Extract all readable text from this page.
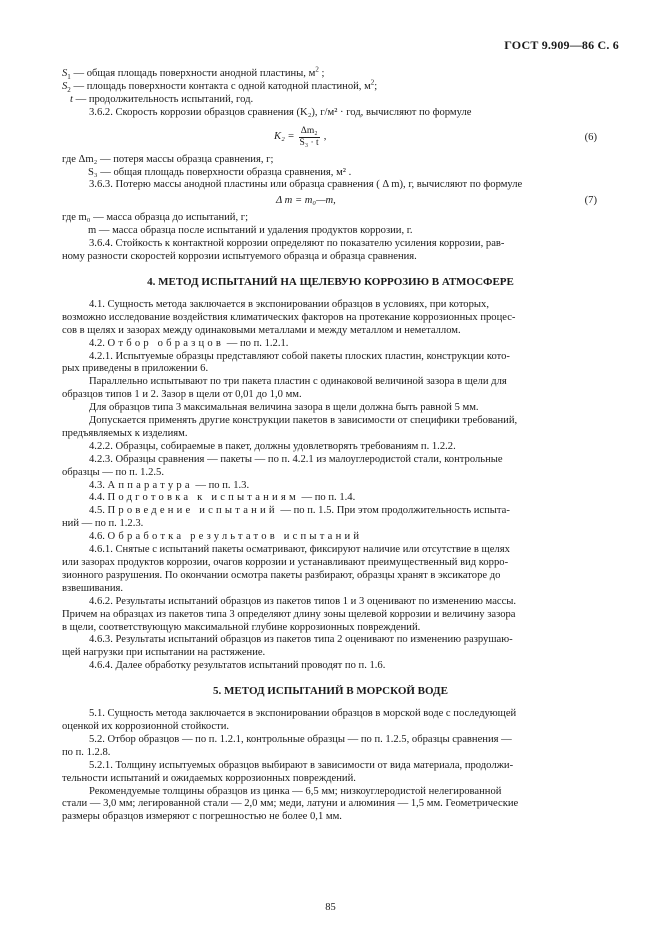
ГОСТ 9.909—86 С. 6
$S_1$ — общая площадь поверхности анодной пластины, $м^2$ ;
$S_2$ — площадь поверхности контакта с одной катодной пластиной, $м^2$;
t — продолжительность испытаний, год.
3.6.2. Скорость коррозии образцов сравнения (K₂), г/м² · год, вычисляют по формуле
$K_2 = \frac{\text{Δm₂}}{\text{S₃ · t}}$ ,	(6)
где Δm₂ — потеря массы образца сравнения, г;
S₃ — общая площадь поверхности образца сравнения, м² .
3.6.3. Потерю массы анодной пластины или образца сравнения ( Δ m), г, вычисляют по формуле
Δ m = m₀—m,	(7)
где m₀ — масса образца до испытаний, г;
m — масса образца после испытаний и удаления продуктов коррозии, г.
3.6.4. Стойкость к контактной коррозии определяют по показателю усиления коррозии, рав-
ному разности скоростей коррозии испытуемого образца и образца сравнения.
4. МЕТОД ИСПЫТАНИЙ НА ЩЕЛЕВУЮ КОРРОЗИЮ В АТМОСФЕРЕ
4.1. Сущность метода заключается в экспонировании образцов в условиях, при которых,
возможно исследование воздействия климатических факторов на протекание коррозионных процес-
сов в щелях и зазорах между одинаковыми металлами и между металлом и неметаллом.
4.2. Отбор образцов — по п. 1.2.1.
4.2.1. Испытуемые образцы представляют собой пакеты плоских пластин, конструкции кото-
рых приведены в приложении 6.
Параллельно испытывают по три пакета пластин с одинаковой величиной зазора в щели для
образцов типов 1 и 2. Зазор в щели от 0,01 до 1,0 мм.
Для образцов типа 3 максимальная величина зазора в щели должна быть равной 5 мм.
Допускается применять другие конструкции пакетов в зависимости от специфики требований,
предъявляемых к изделиям.
4.2.2. Образцы, собираемые в пакет, должны удовлетворять требованиям п. 1.2.2.
4.2.3. Образцы сравнения — пакеты — по п. 4.2.1 из малоуглеродистой стали, контрольные
образцы — по п. 1.2.5.
4.3. Аппаратура — по п. 1.3.
4.4. Подготовка к испытаниям — по п. 1.4.
4.5. Проведение испытаний — по п. 1.5. При этом продолжительность испыта-
ний — по п. 1.2.3.
4.6. Обработка результатов испытаний
4.6.1. Снятые с испытаний пакеты осматривают, фиксируют наличие или отсутствие в щелях
или зазорах продуктов коррозии, очагов коррозии и устанавливают преимущественный вид корро-
зионного разрушения. По окончании осмотра пакеты разбирают, образцы хранят в эксикаторе до
взвешивания.
4.6.2. Результаты испытаний образцов из пакетов типов 1 и 3 оценивают по изменению массы.
Причем на образцах из пакетов типа 3 определяют длину зоны щелевой коррозии и величину зазора
в щели, соответствующую максимальной глубине коррозионных повреждений.
4.6.3. Результаты испытаний образцов из пакетов типа 2 оценивают по изменению разрушаю-
щей нагрузки при испытании на растяжение.
4.6.4. Далее обработку результатов испытаний проводят по п. 1.6.
5. МЕТОД ИСПЫТАНИЙ В МОРСКОЙ ВОДЕ
5.1. Сущность метода заключается в экспонировании образцов в морской воде с последующей
оценкой их коррозионной стойкости.
5.2. Отбор образцов — по п. 1.2.1, контрольные образцы — по п. 1.2.5, образцы сравнения —
по п. 1.2.8.
5.2.1. Толщину испытуемых образцов выбирают в зависимости от вида материала, продолжи-
тельности испытаний и ожидаемых коррозионных повреждений.
Рекомендуемые толщины образцов из цинка — 6,5 мм; низкоуглеродистой нелегированной
стали — 3,0 мм; легированной стали — 2,0 мм; меди, латуни и алюминия — 1,5 мм. Геометрические
размеры образцов измеряют с погрешностью не более 0,1 мм.
85
